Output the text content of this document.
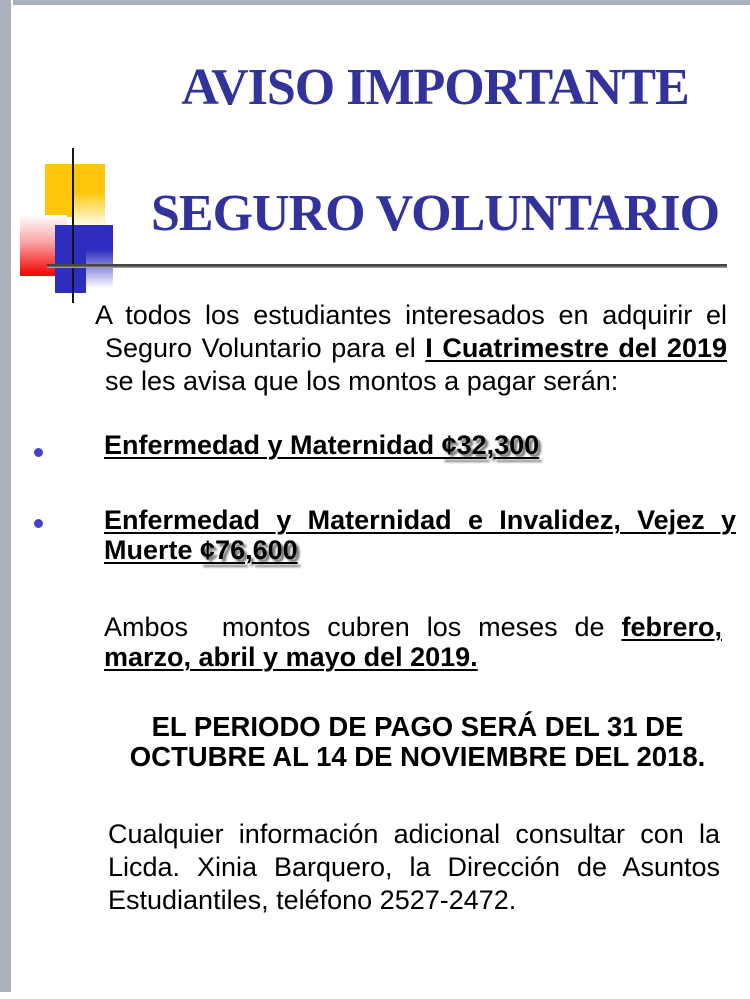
AVISO IMPORTANTE
SEGURO VOLUNTARIO
A todos los estudiantes interesados en adquirir el Seguro Voluntario para el I Cuatrimestre del 2019 se les avisa que los montos a pagar serán:
Enfermedad y Maternidad ¢32,300
Enfermedad y Maternidad e Invalidez, Vejez y Muerte ¢76,600
Ambos  montos cubren los meses de febrero, marzo, abril y mayo del 2019.
EL PERIODO DE PAGO SERÁ DEL 31 DE OCTUBRE AL 14 DE NOVIEMBRE DEL 2018.
Cualquier información adicional consultar con la Licda. Xinia Barquero, la Dirección de Asuntos Estudiantiles, teléfono 2527-2472.
